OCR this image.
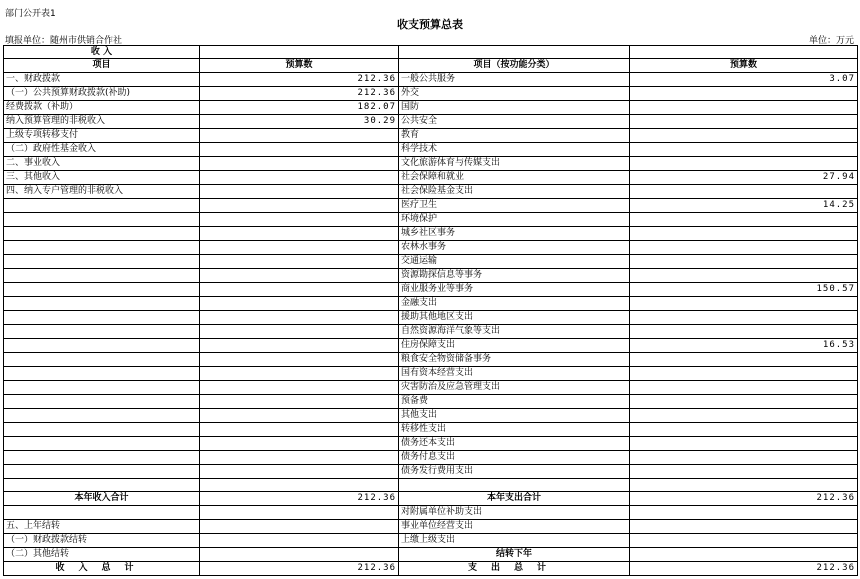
部门公开表1
收支预算总表
填报单位：随州市供销合作社	单位：万元
收 入			
项目	预算数	项目（按功能分类）	预算数
一、财政拨款	212.36	一般公共服务	3.07
（一）公共预算财政拨款(补助)	212.36	外交	
经费拨款（补助）	182.07	国防	
纳入预算管理的非税收入	30.29	公共安全	
上级专项转移支付		教育	
（二）政府性基金收入		科学技术	
二、事业收入		文化旅游体育与传媒支出	
三、其他收入		社会保障和就业	27.94
四、纳入专户管理的非税收入		社会保险基金支出	
		医疗卫生	14.25
		环境保护	
		城乡社区事务	
		农林水事务	
		交通运输	
		资源勘探信息等事务	
		商业服务业等事务	150.57
		金融支出	
		援助其他地区支出	
		自然资源海洋气象等支出	
		住房保障支出	16.53
		粮食安全物资储备事务	
		国有资本经营支出	
		灾害防治及应急管理支出	
		预备费	
		其他支出	
		转移性支出	
		债务还本支出	
		债务付息支出	
		债务发行费用支出	

本年收入合计	212.36	本年支出合计	212.36
		对附属单位补助支出	
五、上年结转		事业单位经营支出	
（一）财政拨款结转		上缴上级支出	
（二）其他结转		结转下年	
收入总计	212.36	支出总计	212.36
